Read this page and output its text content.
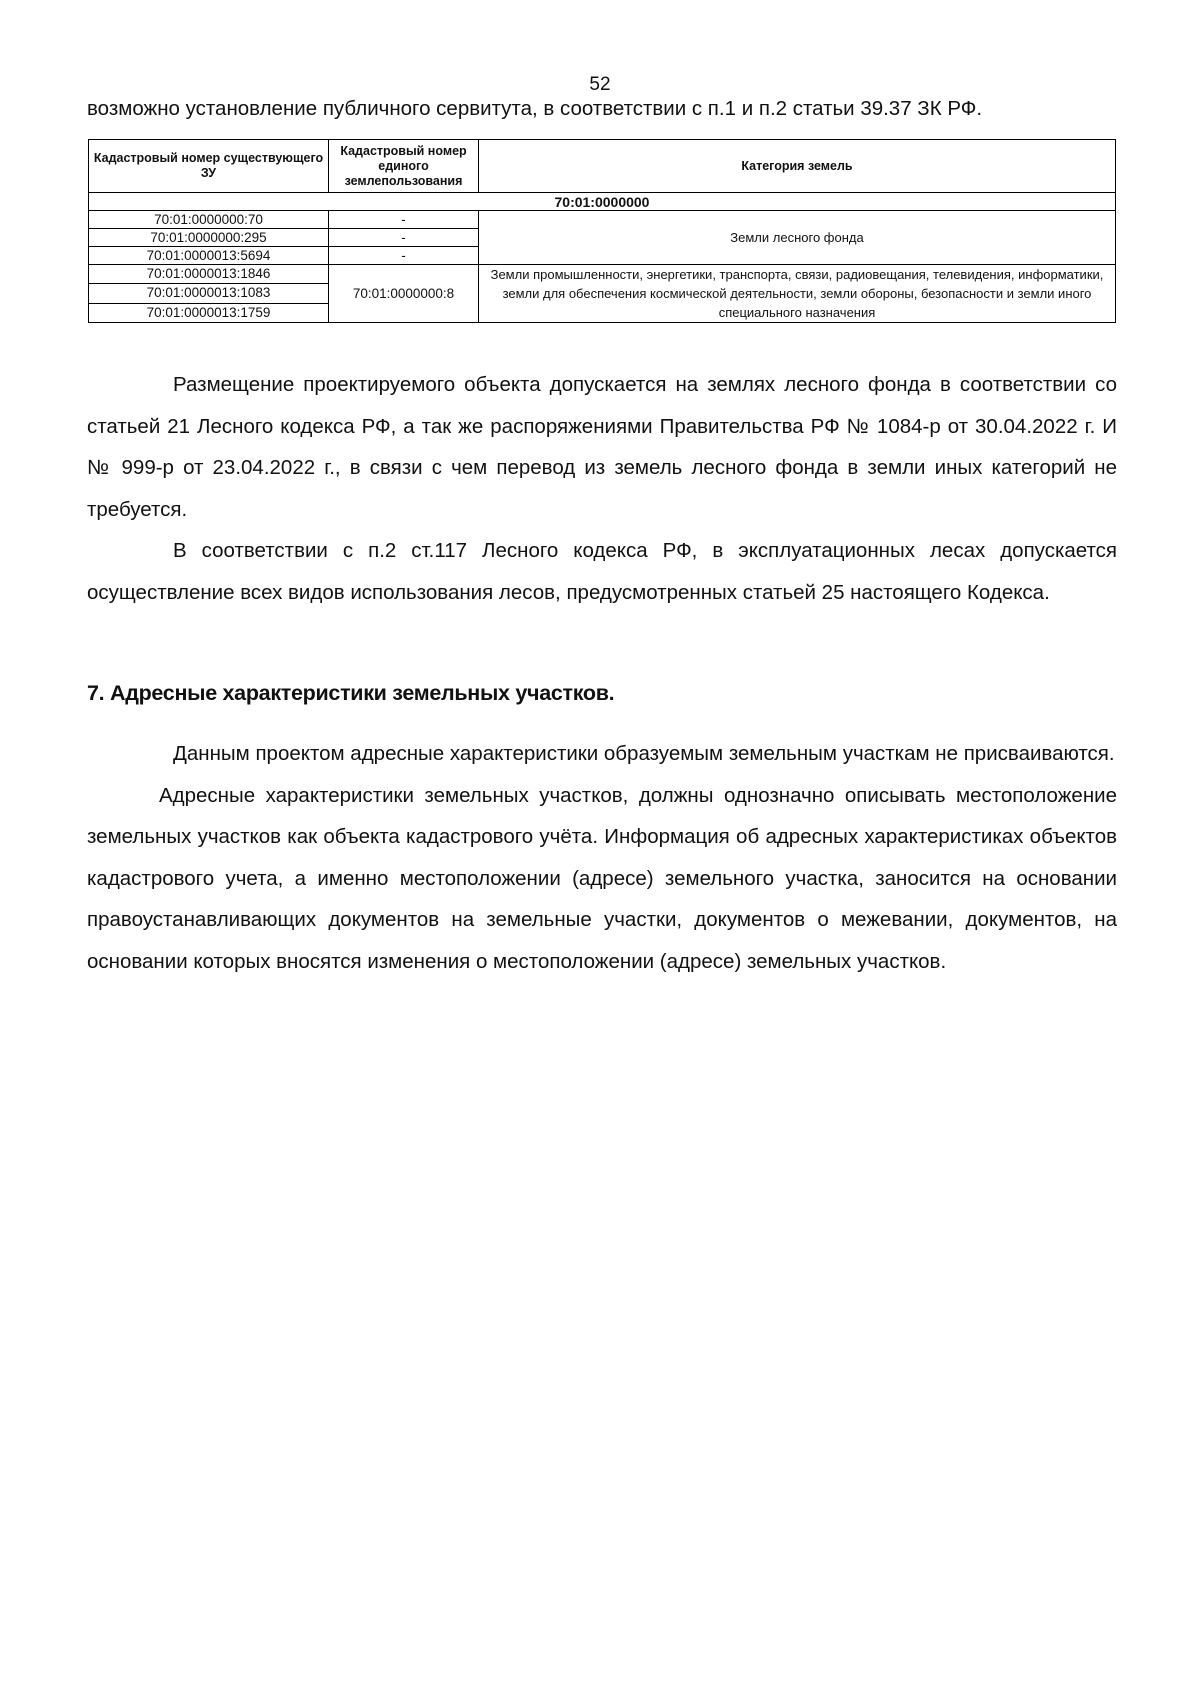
52
возможно установление публичного сервитута, в соответствии с п.1 и п.2 статьи 39.37 ЗК РФ.
Кадастровый номер существующего ЗУ	Кадастровый номер единого землепользования	Категория земель
70:01:0000000		
70:01:0000000:70	-	Земли лесного фонда
70:01:0000000:295	-	
70:01:0000013:5694	-	
70:01:0000013:1846	70:01:0000000:8	Земли промышленности, энергетики, транспорта, связи, радиовещания, телевидения, информатики, земли для обеспечения космической деятельности, земли обороны, безопасности и земли иного специального назначения
70:01:0000013:1083		
70:01:0000013:1759		

Размещение проектируемого объекта допускается на землях лесного фонда в соответствии со статьей 21 Лесного кодекса РФ, а так же распоряжениями Правительства РФ № 1084-р от 30.04.2022 г. И № 999-р от 23.04.2022 г., в связи с чем перевод из земель лесного фонда в земли иных категорий не требуется.

В соответствии с п.2 ст.117 Лесного кодекса РФ, в эксплуатационных лесах допускается осуществление всех видов использования лесов, предусмотренных статьей 25 настоящего Кодекса.

7. Адресные характеристики земельных участков.

Данным проектом адресные характеристики образуемым земельным участкам не присваиваются.

Адресные характеристики земельных участков, должны однозначно описывать местоположение земельных участков как объекта кадастрового учёта. Информация об адресных характеристиках объектов кадастрового учета, а именно местоположении (адресе) земельного участка, заносится на основании правоустанавливающих документов на земельные участки, документов о межевании, документов, на основании которых вносятся изменения о местоположении (адресе) земельных участков.
